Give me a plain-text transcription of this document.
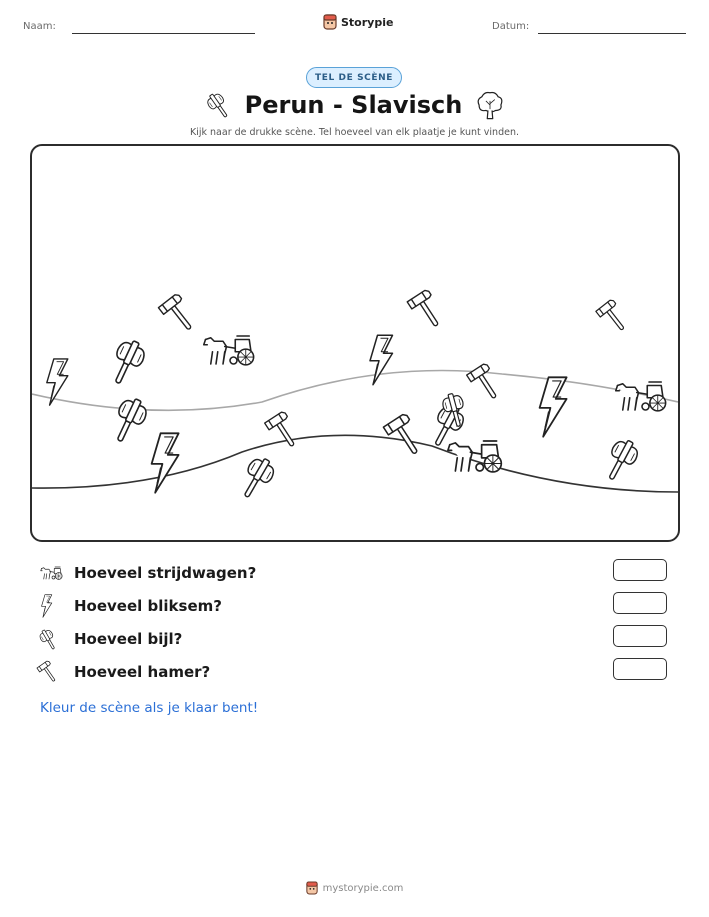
Naam:	Storypie	Datum:
TEL DE SCÈNE
Perun - Slavisch
Kijk naar de drukke scène. Tel hoeveel van elk plaatje je kunt vinden.
Hoeveel strijdwagen?
Hoeveel bliksem?
Hoeveel bijl?
Hoeveel hamer?
Kleur de scène als je klaar bent!
mystorypie.com
